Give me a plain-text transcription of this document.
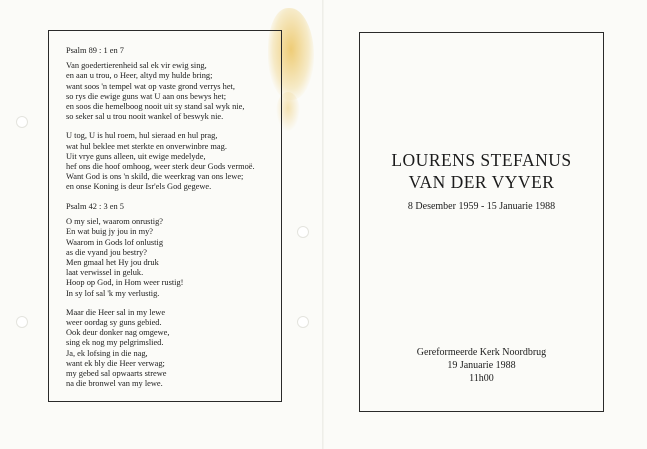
Psalm 89 : 1 en 7
Van goedertierenheid sal ek vir ewig sing,
en aan u trou, o Heer, altyd my hulde bring;
want soos 'n tempel wat op vaste grond verrys het,
so rys die ewige guns wat U aan ons bewys het;
en soos die hemelboog nooit uit sy stand sal wyk nie,
so seker sal u trou nooit wankel of beswyk nie.
U tog, U is hul roem, hul sieraad en hul prag,
wat hul beklee met sterkte en onverwinbre mag.
Uit vrye guns alleen, uit ewige medelyde,
hef ons die hoof omhoog, weer sterk deur Gods vermoë.
Want God is ons 'n skild, die weerkrag van ons lewe;
en onse Koning is deur Isr'els God gegewe.
Psalm 42 : 3 en 5
O my siel, waarom onrustig?
En wat buig jy jou in my?
Waarom in Gods lof onlustig
as die vyand jou bestry?
Men gmaal het Hy jou druk
laat verwissel in geluk.
Hoop op God, in Hom weer rustig!
In sy lof sal 'k my verlustig.
Maar die Heer sal in my lewe
weer oordag sy guns gebied.
Ook deur donker nag omgewe,
sing ek nog my pelgrimslied.
Ja, ek lofsing in die nag,
want ek bly die Heer verwag;
my gebed sal opwaarts strewe
na die bronwel van my lewe.
LOURENS STEFANUS
VAN DER VYVER
8 Desember 1959 - 15 Januarie 1988
Gereformeerde Kerk Noordbrug
19 Januarie 1988
11h00
